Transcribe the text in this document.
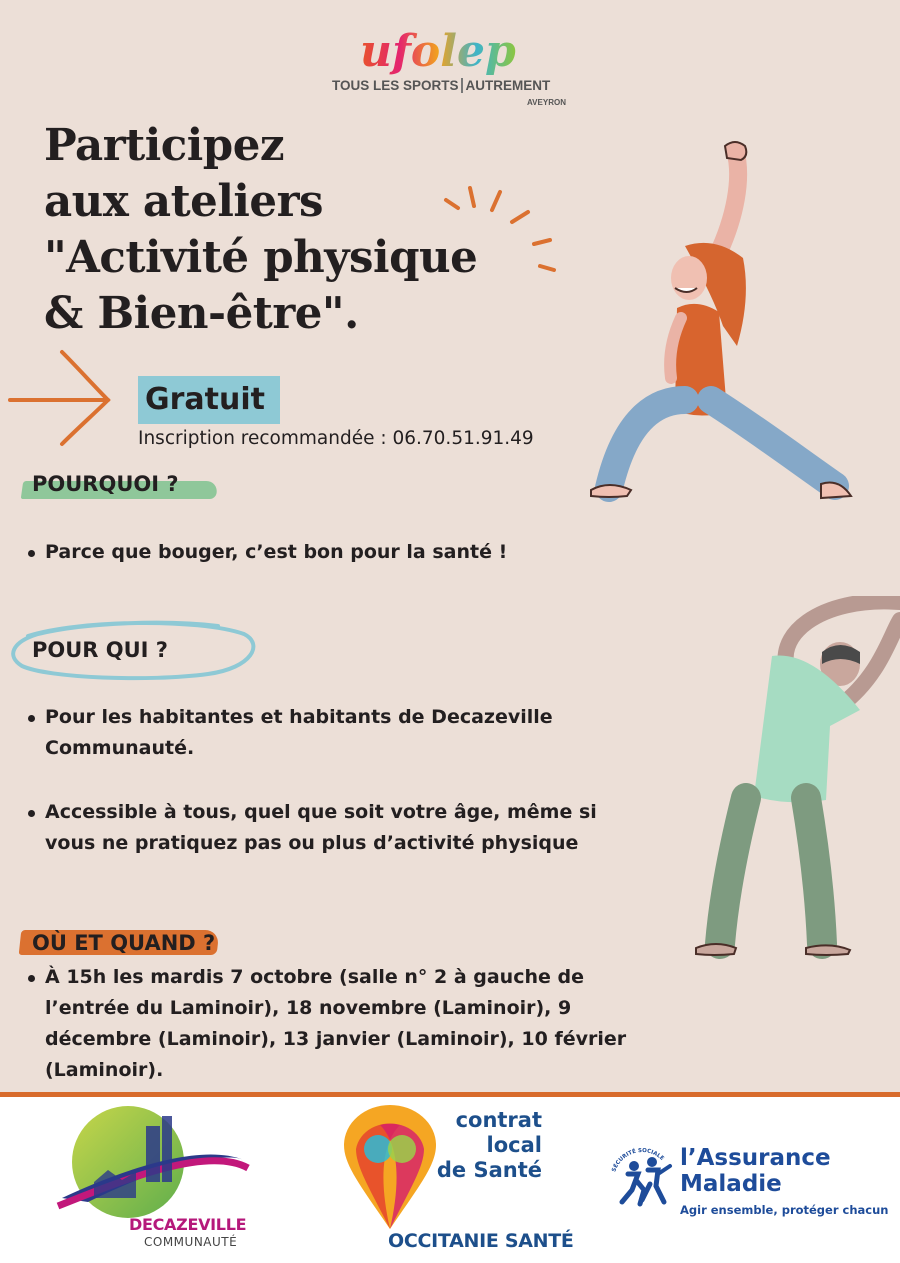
ufolep
TOUS LES SPORTS AUTREMENT
AVEYRON
Participez
aux ateliers
"Activité physique
& Bien-être".
Gratuit
Inscription recommandée : 06.70.51.91.49
POURQUOI ?
Parce que bouger, c’est bon pour la santé !
POUR QUI ?
Pour les habitantes et habitants de Decazeville
Communauté.
Accessible à tous, quel que soit votre âge, même si
vous ne pratiquez pas ou plus d’activité physique
OÙ ET QUAND ?
À 15h les mardis 7 octobre (salle n° 2 à gauche de
l’entrée du Laminoir), 18 novembre (Laminoir), 9
décembre (Laminoir), 13 janvier (Laminoir), 10 février
(Laminoir).
DECAZEVILLE
COMMUNAUTÉ
contrat
local
de Santé
OCCITANIE SANTÉ
SÉCURITÉ SOCIALE l’Assurance
Maladie
Agir ensemble, protéger chacun
